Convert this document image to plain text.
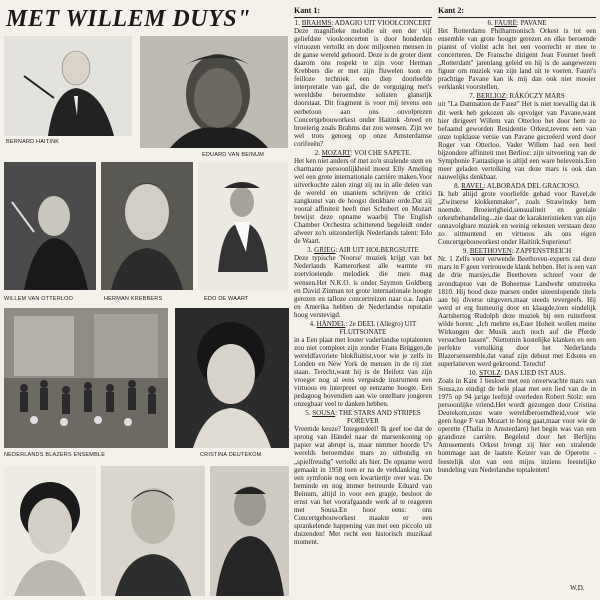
MET WILLEM DUYS"
BERNARD HAITINK
EDUARD VAN BEINUM
WILLEM VAN OTTERLOO	HERMAN KREBBERS	EDO DE WAART
NEDERLANDS BLAZERS ENSEMBLE	CRISTINA DEUTEKOM
Kant 1:

1. BRAHMS: ADAGIO UIT VIOOLCONCERT
Deze magnifieke melodie uit een der vijf geliefdste vioolconcerten is door honderden virtuozen vertolkt en door miljoenen mensen in de ganse wereld gehoord. Deze is de groter dient daarom ons respekt te zijn voor Herman Krebbers die er met zijn fluwelen toon en feilloze techniek een diep doorleefde interpretatie van gaf, die de verguiging met's wereldsbe beroemdste solisten glansrijk doorstaat. Dit fragment is voor mij tevens een eerbetoon aan ons onvolprezen Concertgebouworkest onder Haitink -breed en broeierig zoals Brahms dat zou wensen. Zijn we wel trots genoeg op onze Amsterdamse corifeeën?

2. MOZART: VOI CHE SAPETE.
Het ken niet anders of met zo'n stralende stem en charmante persoonlijkheid moest Elly Ameling wel een grote internationale carrière maken.Voor uitverkochte zalen zingt zij nu in alle delen van de wereld en unaniem schrijven de critici zangkunst van de hoogst denkbare orde.Dat zij vooral affiniteit heeft met Schubert en Mozart bewijst deze opname waarbij The English Chamber Orchestra schitterend begeleidt onder alweer zo'n uitzonderlijk Nederlands talent: Edo de Waart.

3. GRIEG: AIR UIT HOLBERGSUITE
Deze typische 'Noorse' muziek krijgt van het Nederlands Kamerorkest alle warmte en zoetvloeiende melodiek die men mag wensen.Het N.K.O. is onder Szymon Goldberg en David Zinman tot grote internationale hoogte gerezen en talloze concertreizen naar o.a. Japan en Amerika hebben de Nederlandse reputatie hoog verstevigd.

4. HÄNDEL: 2e DEEL (Allegro) UIT FLUITSONATE
in a Een plaat met louter vaderlandse toptalenten zou niet compleet zijn zonder Frans Brüggen,de wereldfavoriete blokfluitist,voor wie je zelfs in Londen en New York de mensen in de rij ziet staan. Terecht,want hij is de Heifetz van zijn vroeger nog al eens verguisde instrument een virtuoos en interpreet op eenzame hoogte. Een pedagoog bovendien aan wie ontelbare jongeren onzegbaar veel te danken hebben.

5. SOUSA: THE STARS AND STRIPES FOREVER
Vreemde keuze? Integendeel! Ik geef toe dat de sprong van Händel naar de marsenkoning op papier wat abrupt is, maar nimmer hoorde U's werelds beroemdste mars zo uitbundig en „spielfreudig" vertolkt als hier. De opname werd gemaakt in 1958 toen er na de verklanking van een symfonie nog een kwartiertje over was. De beminde en nog immer betreurde Eduard van Beinum, altijd in voor een grapje, besloot de ernst van het voorafgaande werk af te reageren met Sousa.En hoor eens: ons Concertgebouworkest maakte er een sprankelende happening van met een piccolo uit duizenden! Met recht een historisch muzikaal moment.

Kant 2:

6. FAURÉ: PAVANE
Het Rotterdams Philharmonisch Orkest is tot een ensemble van grote hoogte gerezen en elke beroemde pianist of violist acht het een voorrecht er mee te concerteren. De Fransche dirigent Jean Fournet heeft „Rotterdam" jarenlang geleid en hij is de aangewezen figuur om muziek van zijn land uit te voeren. Fauré's prachtige Pavane kan ik mij dan ook niet mooier verklankt voorstellen.

7. BERLIOZ: RÁKÓCZY MARS
uit "La Damnation de Faust" Het is niet toevallig dat ik dit werk heb gekozen als opvolger van Pavane,want hier dirigeert Willem van Otterloo het door hem zo befaamd geworden Residentie Orkest,tevens een van onze topklasse versie van Pavane gecreëerd werd door Roger van Otterloo. Vader Willem had een heel bijzondere affiniteit met Berlioz: zijn uitvoering van de Symphonie Fantastique is altijd een ware belevenis.Een meer geladen vertolking van deze mars is ook dan nauwelijks denkbaar.

8. RAVEL: ALBORADA DEL GRACIOSO.
Ik heb altijd grote voorliefde gehad voor Ravel,de „Zwitserse klokkenmaker", zoals Strawinsky hem noemde. Broeierigheid,sensualiteit en geniale orkestbehandeling...zie daar de karakteristieken van zijn onnavolgbare muziek en weinig orkesten verstaan deze zo uitmuntend en virtuoos als ons eigen Concertgebouworkest onder Haitink.Superieur!

9. BEETHOVEN: ZAPFENSTREICH
Nr. 1 Zelfs voor verwende Beethoven-experts zal deze mars in F geen vertrouwde klank hebben. Het is een van de drie marsjes,die Beethoven schreef voor de avondtaptoe van de Boheemse Landwehr omstreeks 1810. Hij bood deze marsen onder uiteenlopende titels aan bij diverse uitgevers,maar steeds tevergeefs. Hij werd er erg humeurig door en klaagde,toen eindelijk Aartshertog Rudolph deze muziek bij een ruiterfeest wilde horen: „Ich mehrte es,Euer Hoheit wollen meine Wirkungen der Musik auch noch auf die Pferde versuchen lassen". Niettemin kostelijke klanken en een perfekte vertolking door het Nederlands Blazersensemble,dat vanaf zijn debuut met Edsons en superlatieven werd gekroond. Terecht!

10. STOLZ: DAS LIED IST AUS.
Zoals in Kant 1 besloot met een onverwachte mars van Sousa,zo eindigt de hele plaat met een lied van de in 1975 op 94 jarige leeftijd overleden Robert Stolz: een persoonlijke vriend.Het wordt gezongen door Cristina Deutekom,onze ware wereldberoemdheid,voor wie geen hoge F van Mozart te hoog gaat,maar voor wie de operette (Thalia in Amsterdam) het begin was van een grandioze carrière. Begeleid door het Berlijns Amusements Orkest brengt zij hier een stralende hommage aan de laatste Keizer van de Operette -feestelijk slot van een mijns inziens feestelijke bundeling van Nederlandse toptalenten!

W.D.
